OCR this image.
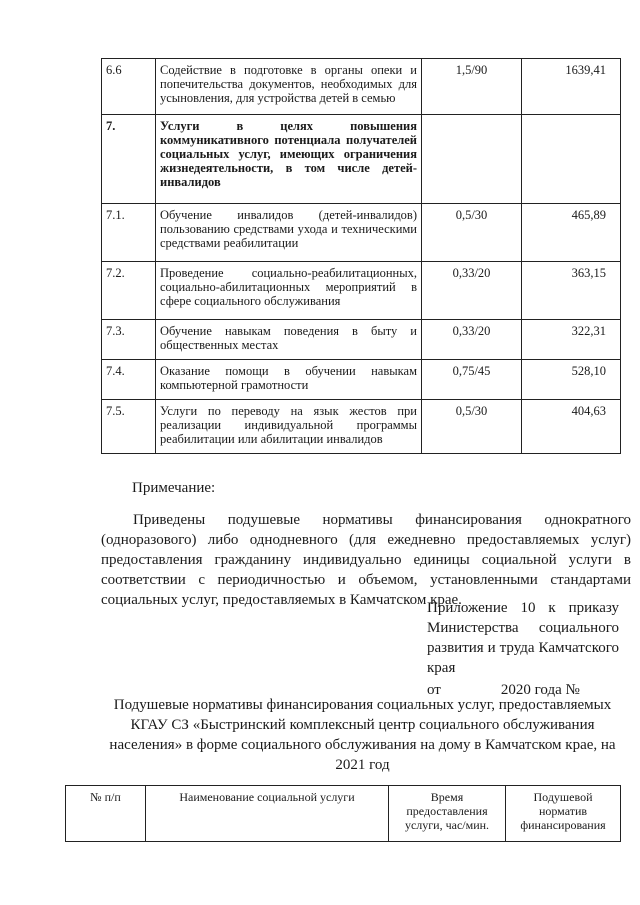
6.6	Содействие в подготовке в органы опеки и попечительства документов, необходимых для усыновления, для устройства детей в семью	1,5/90	1639,41
7.	Услуги в целях повышения коммуникативного потенциала получателей социальных услуг, имеющих ограничения жизнедеятельности, в том числе детей-инвалидов		
7.1.	Обучение инвалидов (детей-инвалидов) пользованию средствами ухода и техническими средствами реабилитации	0,5/30	465,89
7.2.	Проведение социально-реабилитационных, социально-абилитационных мероприятий в сфере социального обслуживания	0,33/20	363,15
7.3.	Обучение навыкам поведения в быту и общественных местах	0,33/20	322,31
7.4.	Оказание помощи в обучении навыкам компьютерной грамотности	0,75/45	528,10
7.5.	Услуги по переводу на язык жестов при реализации индивидуальной программы реабилитации или абилитации инвалидов	0,5/30	404,63
Примечание:
Приведены подушевые нормативы финансирования однократного (одноразового) либо однодневного (для ежедневно предоставляемых услуг) предоставления гражданину индивидуально единицы социальной услуги в соответствии с периодичностью и объемом, установленными стандартами социальных услуг, предоставляемых в Камчатском крае.
Приложение 10 к приказу Министерства социального развития и труда Камчатского края
от	2020 года №
Подушевые нормативы финансирования социальных услуг, предоставляемых КГАУ СЗ «Быстринский комплексный центр социального обслуживания населения» в форме социального обслуживания на дому в Камчатском крае, на 2021 год
№ п/п	Наименование социальной услуги	Время предоставления услуги, час/мин.	Подушевой норматив финансирования
